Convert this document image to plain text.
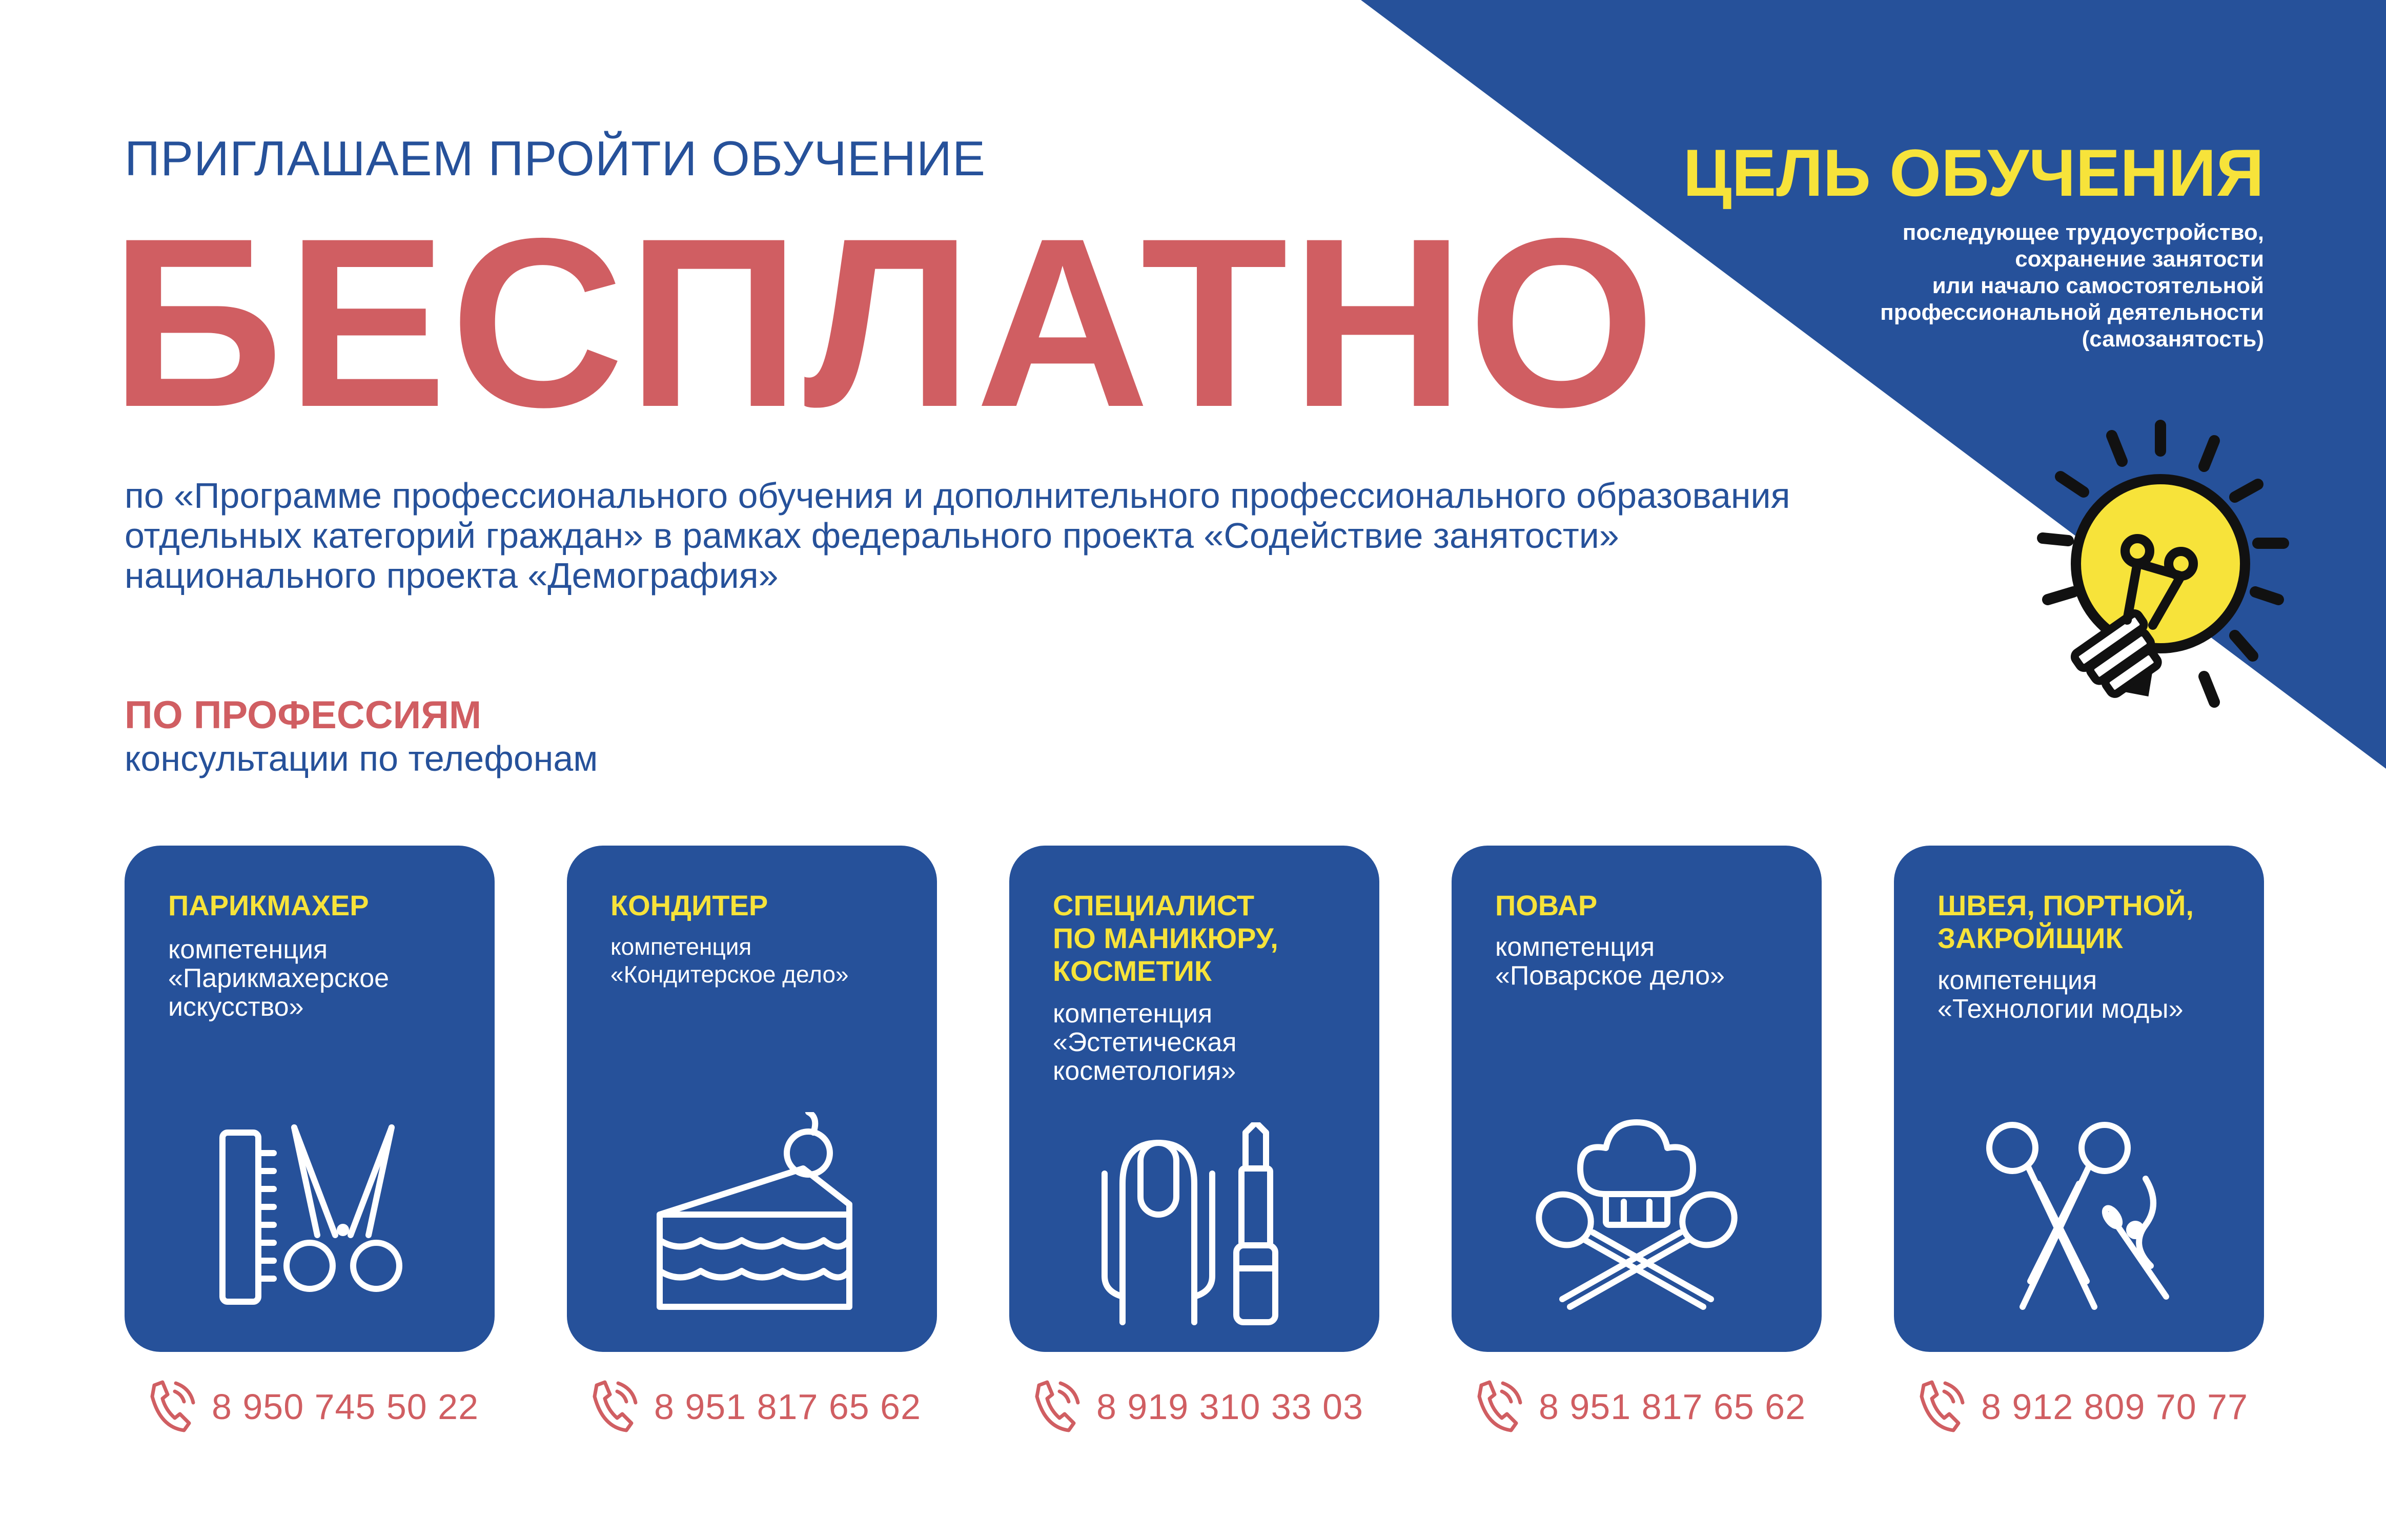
ПРИГЛАШАЕМ ПРОЙТИ ОБУЧЕНИЕ
БЕСПЛАТНО
по «Программе профессионального обучения и дополнительного профессионального образования
отдельных категорий граждан» в рамках федерального проекта «Содействие занятости»
национального проекта «Демография»
ПО ПРОФЕССИЯМ
консультации по телефонам
ЦЕЛЬ ОБУЧЕНИЯ
последующее трудоустройство,
сохранение занятости
или начало самостоятельной
профессиональной деятельности
(самозанятость)
ПАРИКМАХЕР
компетенция
«Парикмахерское
искусство»
КОНДИТЕР
компетенция
«Кондитерское дело»
СПЕЦИАЛИСТ
ПО МАНИКЮРУ,
КОСМЕТИК
компетенция
«Эстетическая
косметология»
ПОВАР
компетенция
«Поварское дело»
ШВЕЯ, ПОРТНОЙ,
ЗАКРОЙЩИК
компетенция
«Технологии моды»
8 950 745 50 22	8 951 817 65 62	8 919 310 33 03	8 951 817 65 62	8 912 809 70 77
